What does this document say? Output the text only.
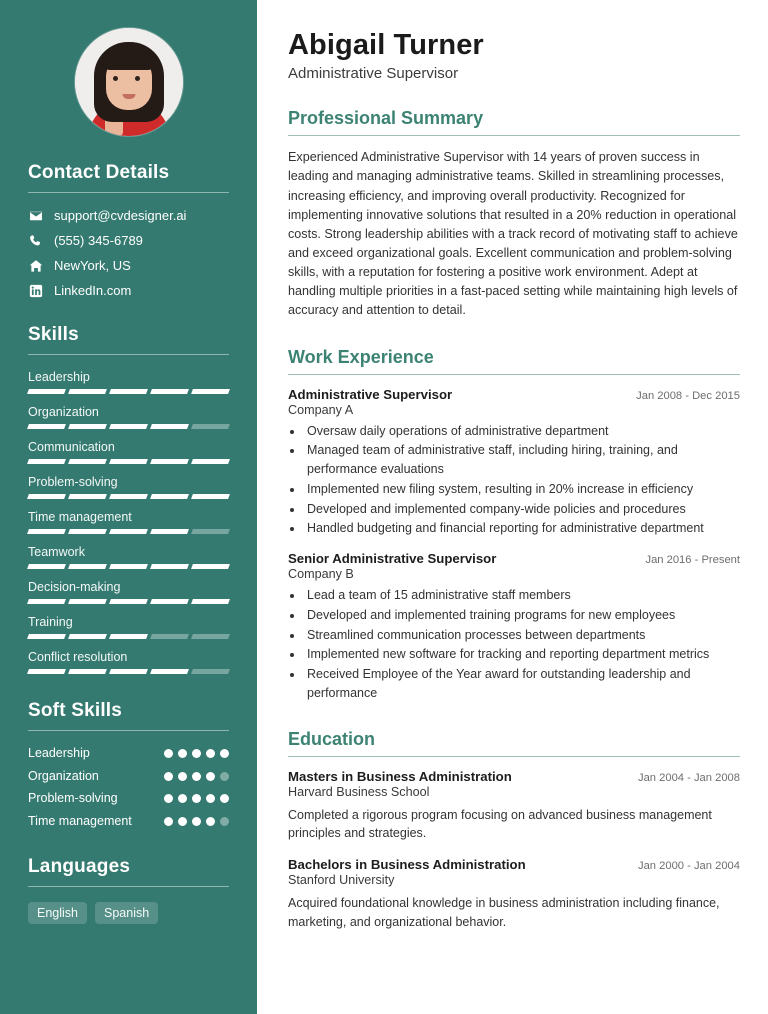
Contact Details
support@cvdesigner.ai
(555) 345-6789
NewYork, US
LinkedIn.com
Skills
Leadership
Organization
Communication
Problem-solving
Time management
Teamwork
Decision-making
Training
Conflict resolution
Soft Skills
Leadership
Organization
Problem-solving
Time management
Languages
English	Spanish
Abigail Turner
Administrative Supervisor
Professional Summary

Experienced Administrative Supervisor with 14 years of proven success in leading and managing administrative teams. Skilled in streamlining processes, increasing efficiency, and improving overall productivity. Recognized for implementing innovative solutions that resulted in a 20% reduction in operational costs. Strong leadership abilities with a track record of motivating staff to achieve and exceed organizational goals. Excellent communication and problem-solving skills, with a reputation for fostering a positive work environment. Adept at handling multiple priorities in a fast-paced setting while maintaining high levels of accuracy and attention to detail.

Work Experience
Administrative Supervisor	Jan 2008 - Dec 2015
Company A
• Oversaw daily operations of administrative department
• Managed team of administrative staff, including hiring, training, and performance evaluations
• Implemented new filing system, resulting in 20% increase in efficiency
• Developed and implemented company-wide policies and procedures
• Handled budgeting and financial reporting for administrative department
Senior Administrative Supervisor	Jan 2016 - Present
Company B
• Lead a team of 15 administrative staff members
• Developed and implemented training programs for new employees
• Streamlined communication processes between departments
• Implemented new software for tracking and reporting department metrics
• Received Employee of the Year award for outstanding leadership and performance
Education
Masters in Business Administration	Jan 2004 - Jan 2008
Harvard Business School
Completed a rigorous program focusing on advanced business management principles and strategies.
Bachelors in Business Administration	Jan 2000 - Jan 2004
Stanford University
Acquired foundational knowledge in business administration including finance, marketing, and organizational behavior.
